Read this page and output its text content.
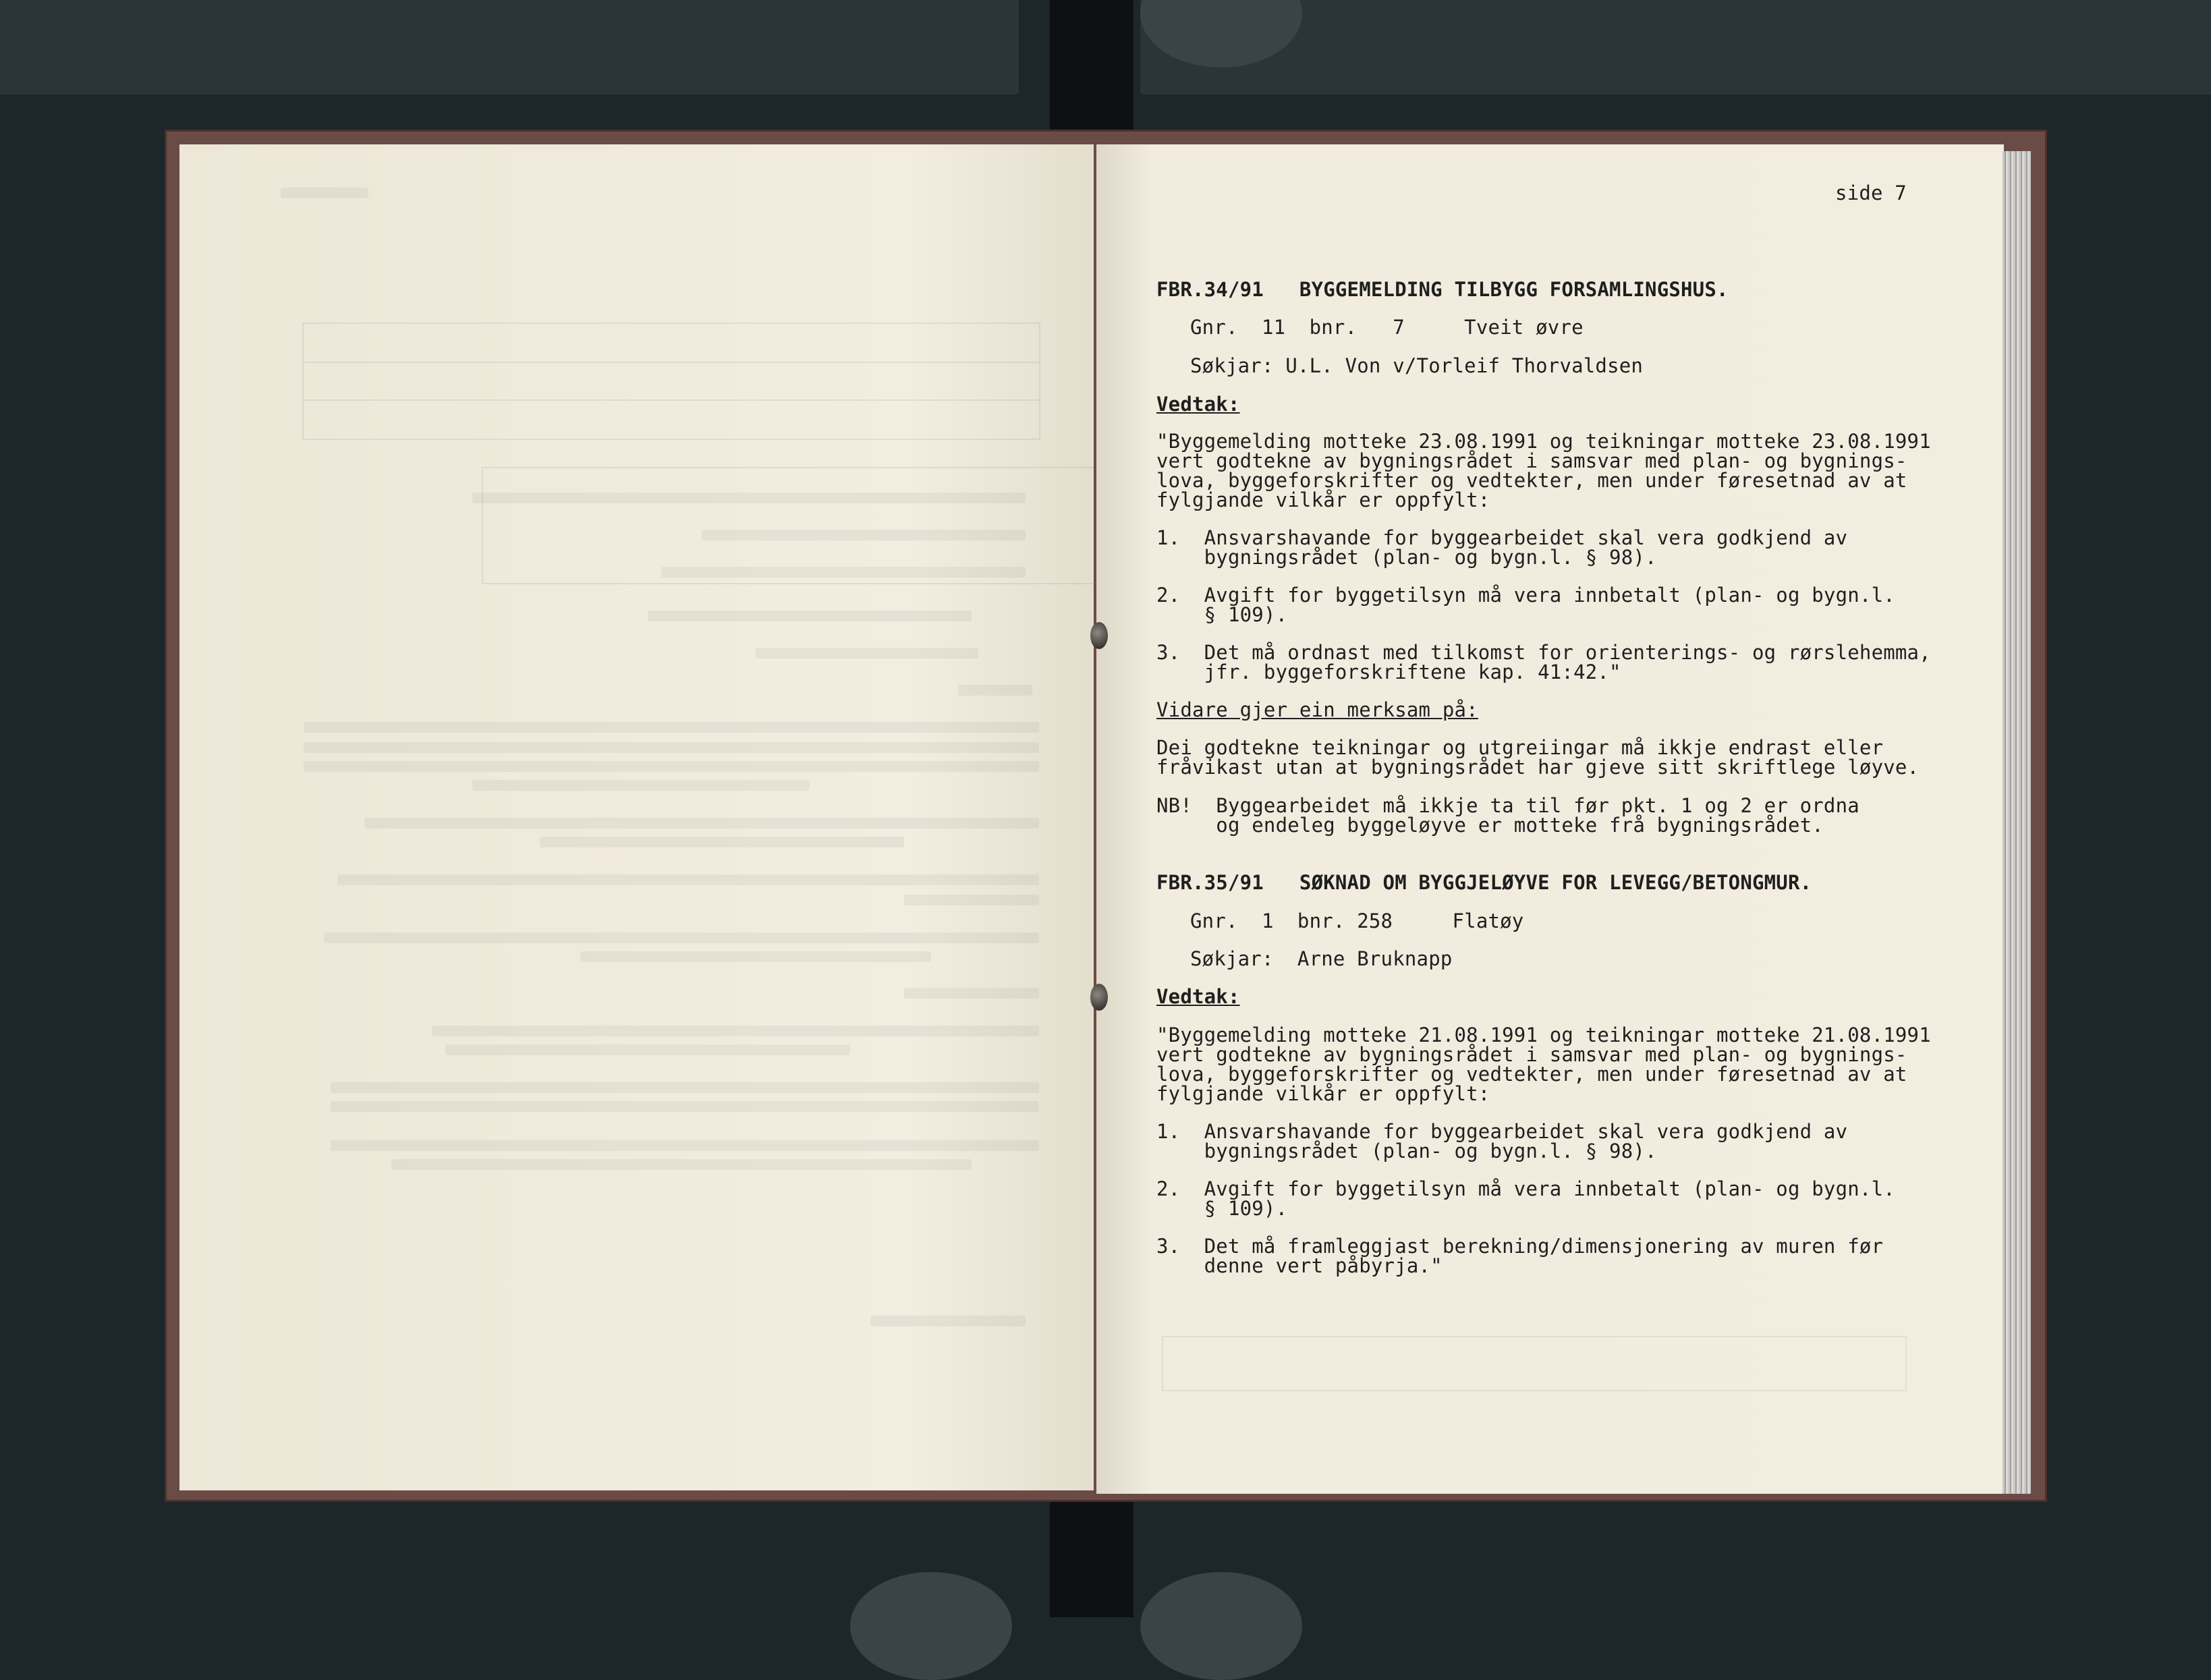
side 7
FBR.34/91   BYGGEMELDING TILBYGG FORSAMLINGSHUS.
Gnr.  11  bnr.   7     Tveit øvre
Søkjar: U.L. Von v/Torleif Thorvaldsen
Vedtak:
"Byggemelding motteke 23.08.1991 og teikningar motteke 23.08.1991
vert godtekne av bygningsrådet i samsvar med plan- og bygnings-
lova, byggeforskrifter og vedtekter, men under føresetnad av at
fylgjande vilkår er oppfylt:
1.  Ansvarshavande for byggearbeidet skal vera godkjend av
bygningsrådet (plan- og bygn.l. § 98).
2.  Avgift for byggetilsyn må vera innbetalt (plan- og bygn.l.
§ 109).
3.  Det må ordnast med tilkomst for orienterings- og rørslehemma,
jfr. byggeforskriftene kap. 41:42."
Vidare gjer ein merksam på:
Dei godtekne teikningar og utgreiingar må ikkje endrast eller
fråvikast utan at bygningsrådet har gjeve sitt skriftlege løyve.
NB!  Byggearbeidet må ikkje ta til før pkt. 1 og 2 er ordna
og endeleg byggeløyve er motteke frå bygningsrådet.
FBR.35/91   SØKNAD OM BYGGJELØYVE FOR LEVEGG/BETONGMUR.
Gnr.  1  bnr. 258     Flatøy
Søkjar:  Arne Bruknapp
Vedtak:
"Byggemelding motteke 21.08.1991 og teikningar motteke 21.08.1991
vert godtekne av bygningsrådet i samsvar med plan- og bygnings-
lova, byggeforskrifter og vedtekter, men under føresetnad av at
fylgjande vilkår er oppfylt:
1.  Ansvarshavande for byggearbeidet skal vera godkjend av
bygningsrådet (plan- og bygn.l. § 98).
2.  Avgift for byggetilsyn må vera innbetalt (plan- og bygn.l.
§ 109).
3.  Det må framleggjast berekning/dimensjonering av muren før
denne vert påbyrja."
